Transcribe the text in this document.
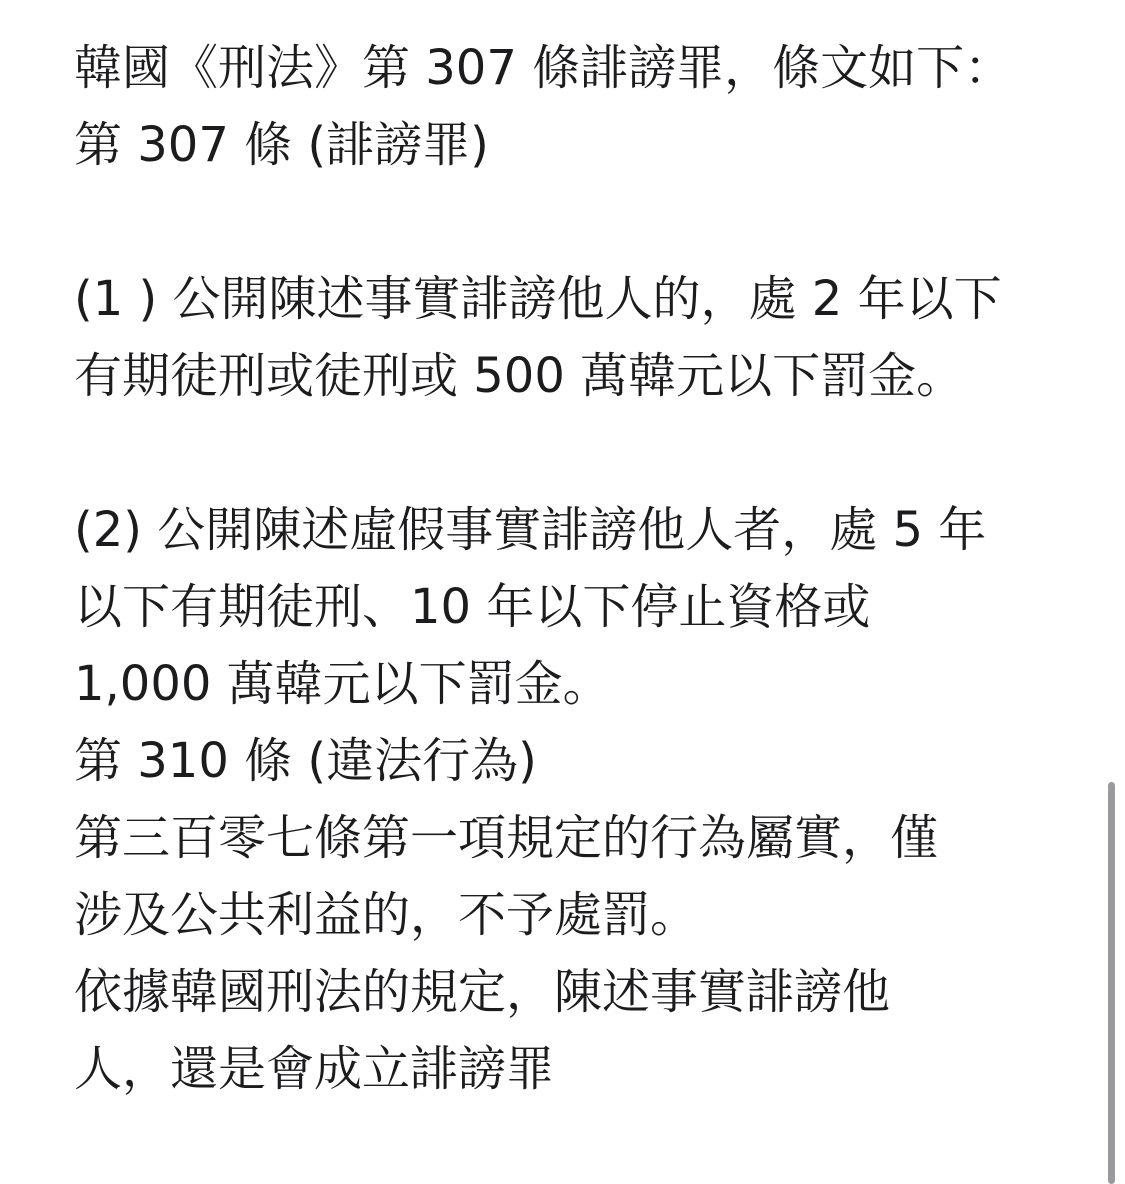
韓國《刑法》第 307 條誹謗罪，條文如下：
第 307 條 (誹謗罪)
(1 ) 公開陳述事實誹謗他人的，處 2 年以下
有期徒刑或徒刑或 500 萬韓元以下罰金。
(2) 公開陳述虛假事實誹謗他人者，處 5 年
以下有期徒刑、10 年以下停止資格或
1,000 萬韓元以下罰金。
第 310 條 (違法行為)
第三百零七條第一項規定的行為屬實，僅
涉及公共利益的，不予處罰。
依據韓國刑法的規定，陳述事實誹謗他
人，還是會成立誹謗罪
